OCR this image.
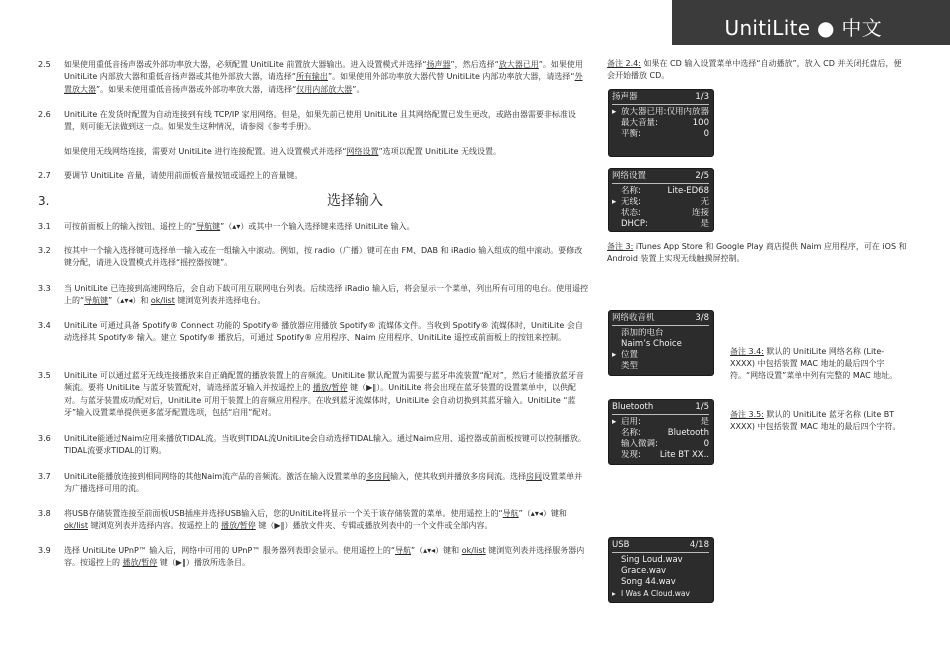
UnitiLite ● 中文
2.5	如果使用重低音扬声器或外部功率放大器，必须配置 UnitiLite 前置放大器输出。进入设置模式并选择“扬声器”，然后选择“放大器已用”。如果使用 UnitiLite 内部放大器和重低音扬声器或其他外部放大器，请选择“所有输出”。如果使用外部功率放大器代替 UnitiLite 内部功率放大器，请选择“外置放大器”。如果未使用重低音扬声器或外部功率放大器，请选择“仅用内部放大器”。

2.6	UnitiLite 在发货时配置为自动连接到有线 TCP/IP 家用网络。但是，如果先前已使用 UnitiLite 且其网络配置已发生更改，或路由器需要非标准设置，则可能无法做到这一点。如果发生这种情况，请参阅《参考手册》。

如果使用无线网络连接，需要对 UnitiLite 进行连接配置。进入设置模式并选择“网络设置”选项以配置 UnitiLite 无线设置。

2.7	要调节 UnitiLite 音量，请使用前面板音量按钮或遥控上的音量键。

3.	选择输入
3.1	可按前面板上的输入按钮、遥控上的“导航键”（▴▾）或其中一个输入选择键来选择 UnitiLite 输入。

3.2	按其中一个输入选择键可选择单一输入或在一组输入中滚动。例如，按 radio（广播）键可在由 FM、DAB 和 iRadio 输入组成的组中滚动。要修改键分配，请进入设置模式并选择“摇控器按键”。

3.3	当 UnitiLite 已连接到高速网络后，会自动下载可用互联网电台列表。后续选择 iRadio 输入后，将会显示一个菜单，列出所有可用的电台。使用遥控上的“导航键”（▴▾◂）和 ok/list 键浏览列表并选择电台。

3.4	UnitiLite 可通过具备 Spotify® Connect 功能的 Spotify® 播放器应用播放 Spotify® 流媒体文件。当收到 Spotify® 流媒体时，UnitiLite 会自动选择其 Spotify® 输入。建立 Spotify® 播放后，可通过 Spotify® 应用程序、Naim 应用程序、UnitiLite 遥控或前面板上的按钮来控制。

3.5	UnitiLite 可以通过蓝牙无线连接播放来自正确配置的播放装置上的音频流。UnitiLite 默认配置为需要与蓝牙串流装置“配对”，然后才能播放蓝牙音频流。要将 UnitiLite 与蓝牙装置配对，请选择蓝牙输入并按遥控上的 播放/暂停 键（▶‖）。UnitiLite 将会出现在蓝牙装置的设置菜单中，以供配对。与蓝牙装置成功配对后，UnitiLite 可用于装置上的音频应用程序。在收到蓝牙流媒体时，UnitiLite 会自动切换到其蓝牙输入。UnitiLite “蓝牙”输入设置菜单提供更多蓝牙配置选项，包括“启用”配对。

3.6	UnitiLite能通过Naim应用来播放TIDAL流。当收到TIDAL流UnitiLite会自动选择TIDAL输入。通过Naim应用、遥控器或前面板按键可以控制播放。TIDAL流要求TIDAL的订购。

3.7	UnitiLite能播放连接到相同网络的其他Naim流产品的音频流。激活在输入设置菜单的多房间输入，使其收到并播放多房间流。选择房间设置菜单并为广播选择可用的流。

3.8	将USB存储装置连接至前面板USB插座并选择USB输入后，您的UnitiLite将显示一个关于该存储装置的菜单。使用遥控上的“导航”（▴▾◂）键和 ok/list 键浏览列表并选择内容。按遥控上的 播放/暂停 键（▶‖）播放文件夹、专辑或播放列表中的一个文件或全部内容。

3.9	选择 UnitiLite UPnP™ 输入后，网络中可用的 UPnP™ 服务器列表即会显示。使用遥控上的“导航”（▴▾◂）键和 ok/list 键浏览列表并选择服务器内容。按遥控上的 播放/暂停 键（▶‖）播放所选条目。

备注 2.4: 如果在 CD 输入设置菜单中选择“自动播放”，放入 CD 并关闭托盘后，便会开始播放 CD。
备注 3: iTunes App Store 和 Google Play 商店提供 Naim 应用程序，可在 iOS 和 Android 装置上实现无线触摸屏控制。
备注 3.4: 默认的 UnitiLite 网络名称 (Lite-XXXX) 中包括装置 MAC 地址的最后四个字符。“网络设置”菜单中列有完整的 MAC 地址。
备注 3.5: 默认的 UnitiLite 蓝牙名称 (Lite BT XXXX) 中包括装置 MAC 地址的最后四个字符。
扬声器	1/3
▸ 放大器已用: 仅用内放器
最大音量:	100
平衡:	0
网络设置	2/5
名称:	Lite-ED68
▸ 无线:	无
状态:	连接
DHCP:	是
网络收音机	3/8
添加的电台
Naim’s Choice
▸ 位置
类型
Bluetooth	1/5
▸ 启用:	是
名称:	Bluetooth
输入微调:	0
发现: Lite BT XX..
USB	4/18
Sing Loud.wav
Grace.wav
Song 44.wav
▸ I Was A Cloud.wav
